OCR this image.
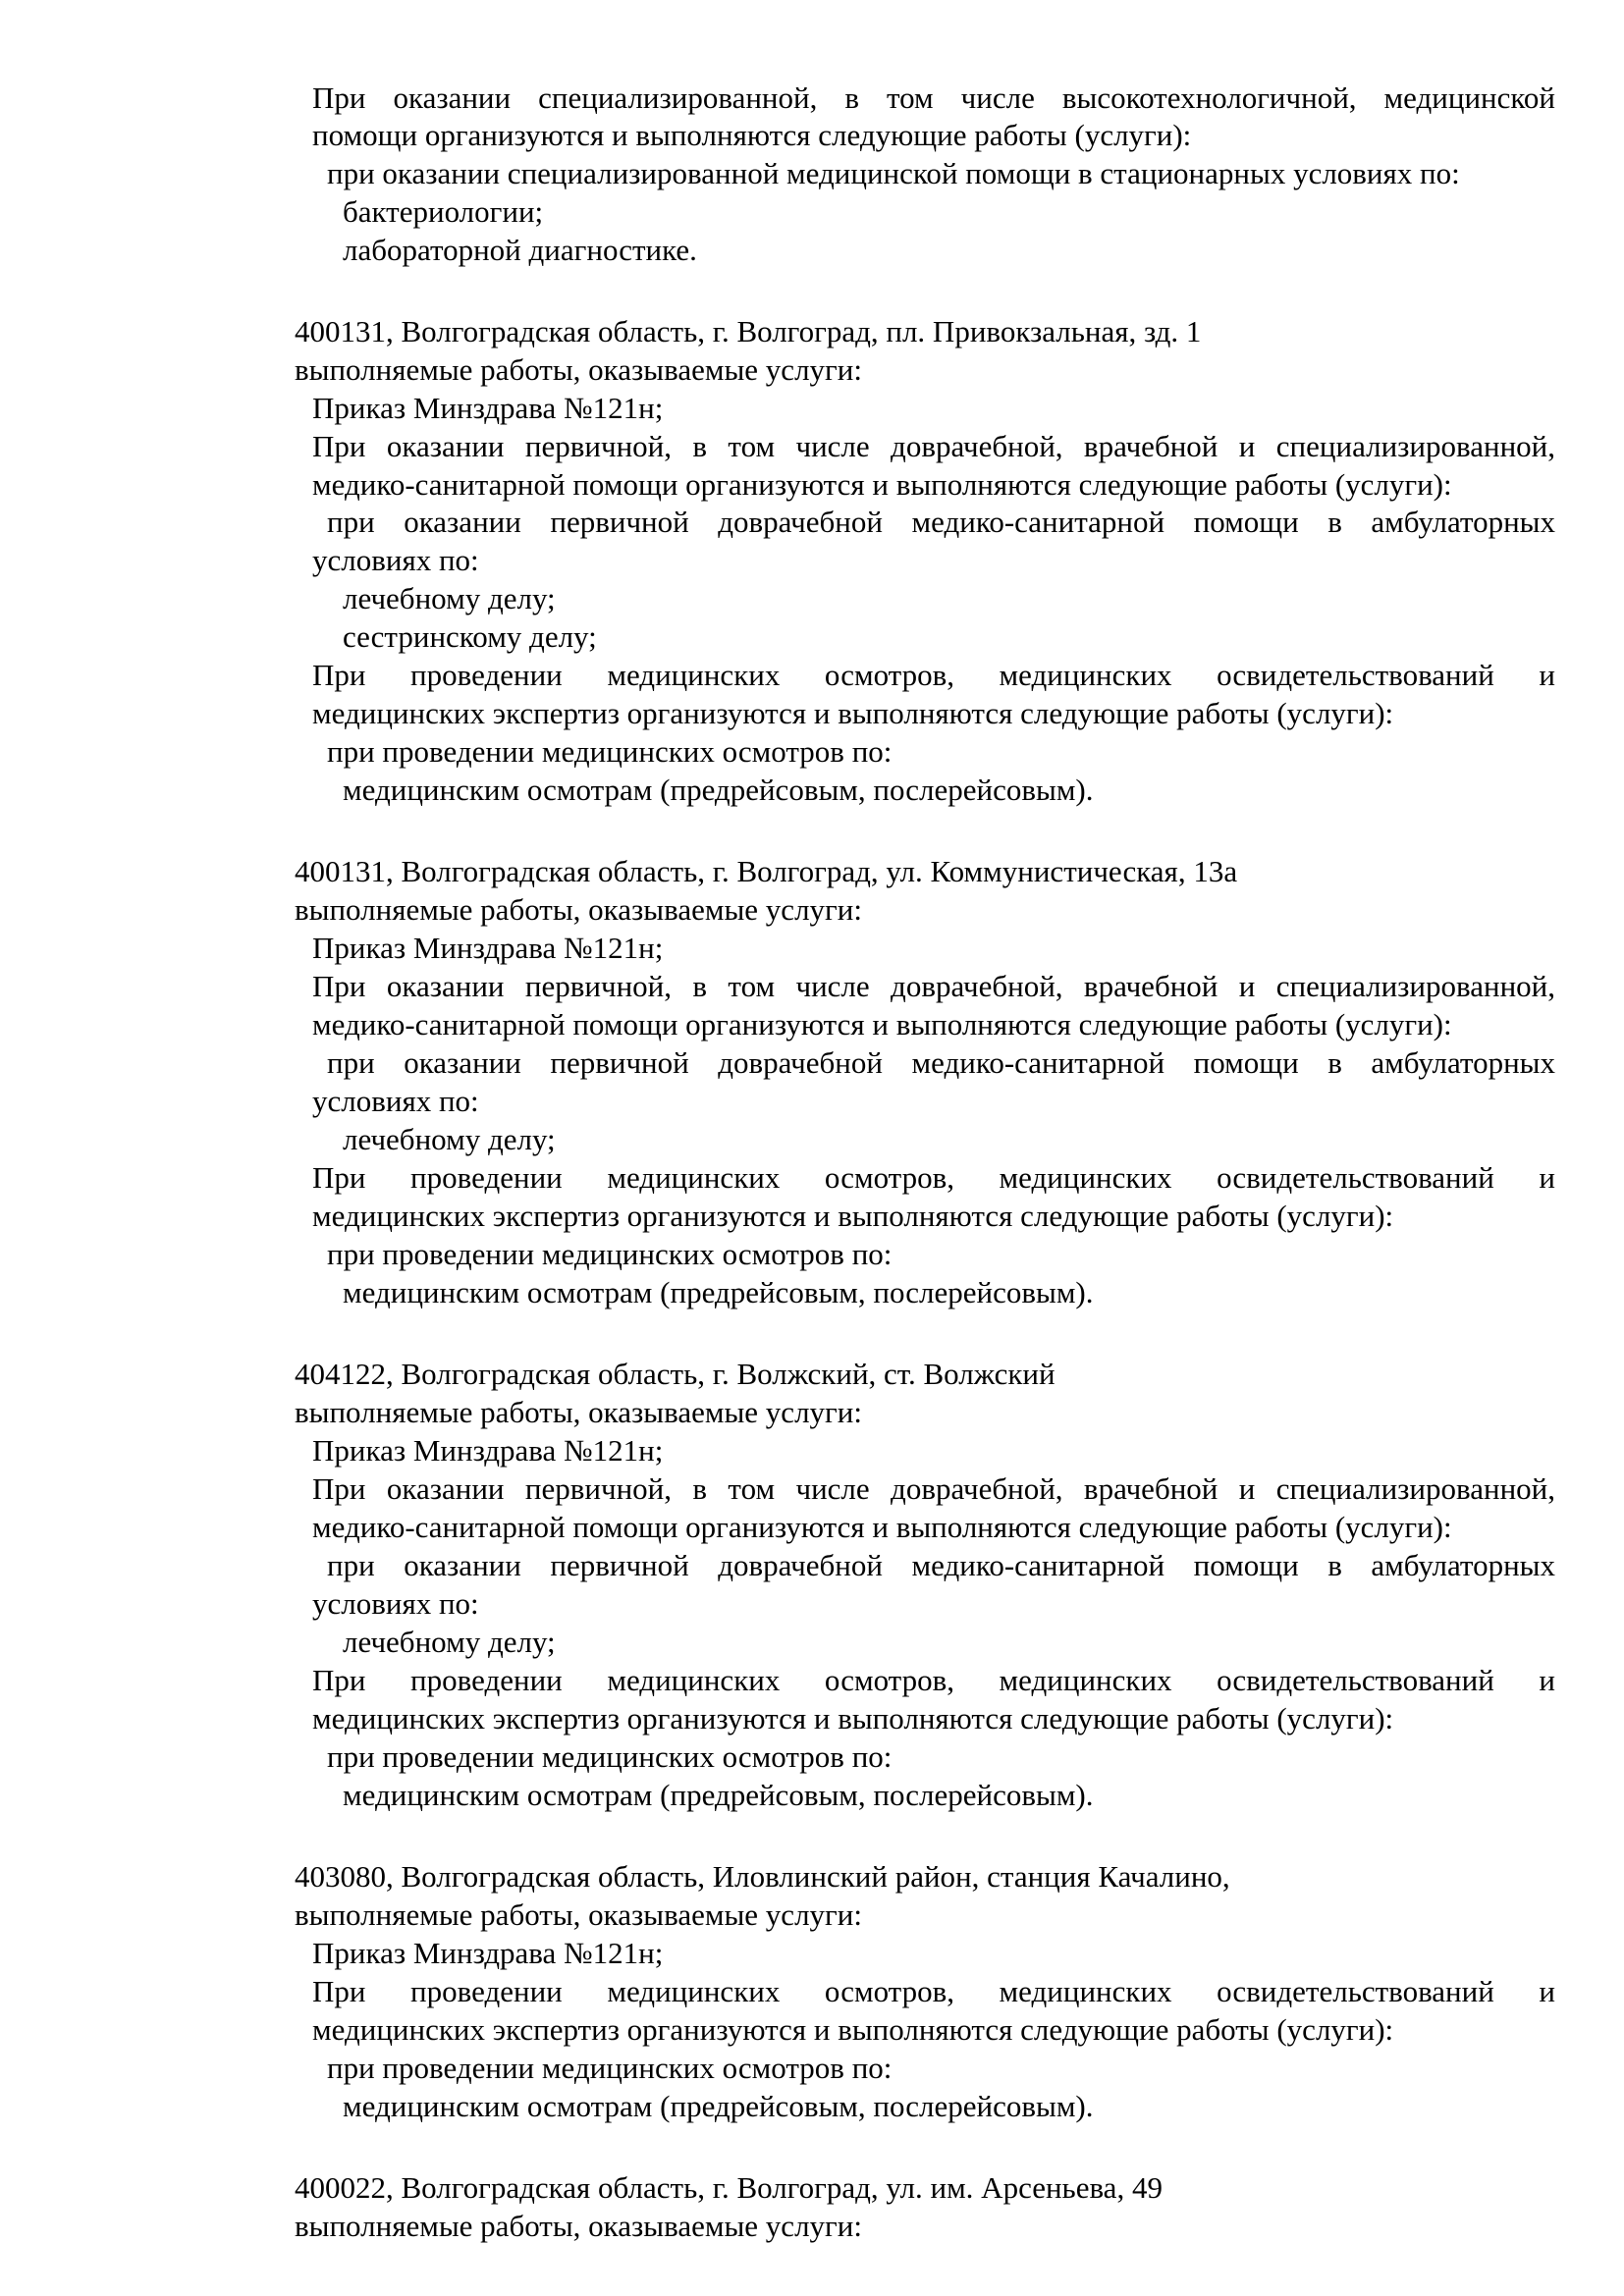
При оказании специализированной, в том числе высокотехнологичной, медицинской
помощи организуются и выполняются следующие работы (услуги):
при оказании специализированной медицинской помощи в стационарных условиях по:
бактериологии;
лабораторной диагностике.
400131, Волгоградская область, г. Волгоград, пл. Привокзальная, зд. 1
выполняемые работы, оказываемые услуги:
Приказ Минздрава №121н;
При оказании первичной, в том числе доврачебной, врачебной и специализированной,
медико-санитарной помощи организуются и выполняются следующие работы (услуги):
при оказании первичной доврачебной медико-санитарной помощи в амбулаторных
условиях по:
лечебному делу;
сестринскому делу;
При проведении медицинских осмотров, медицинских освидетельствований и
медицинских экспертиз организуются и выполняются следующие работы (услуги):
при проведении медицинских осмотров по:
медицинским осмотрам (предрейсовым, послерейсовым).
400131, Волгоградская область, г. Волгоград, ул. Коммунистическая, 13а
выполняемые работы, оказываемые услуги:
Приказ Минздрава №121н;
При оказании первичной, в том числе доврачебной, врачебной и специализированной,
медико-санитарной помощи организуются и выполняются следующие работы (услуги):
при оказании первичной доврачебной медико-санитарной помощи в амбулаторных
условиях по:
лечебному делу;
При проведении медицинских осмотров, медицинских освидетельствований и
медицинских экспертиз организуются и выполняются следующие работы (услуги):
при проведении медицинских осмотров по:
медицинским осмотрам (предрейсовым, послерейсовым).
404122, Волгоградская область, г. Волжский, ст. Волжский
выполняемые работы, оказываемые услуги:
Приказ Минздрава №121н;
При оказании первичной, в том числе доврачебной, врачебной и специализированной,
медико-санитарной помощи организуются и выполняются следующие работы (услуги):
при оказании первичной доврачебной медико-санитарной помощи в амбулаторных
условиях по:
лечебному делу;
При проведении медицинских осмотров, медицинских освидетельствований и
медицинских экспертиз организуются и выполняются следующие работы (услуги):
при проведении медицинских осмотров по:
медицинским осмотрам (предрейсовым, послерейсовым).
403080, Волгоградская область, Иловлинский район, станция Качалино,
выполняемые работы, оказываемые услуги:
Приказ Минздрава №121н;
При проведении медицинских осмотров, медицинских освидетельствований и
медицинских экспертиз организуются и выполняются следующие работы (услуги):
при проведении медицинских осмотров по:
медицинским осмотрам (предрейсовым, послерейсовым).
400022, Волгоградская область, г. Волгоград, ул. им. Арсеньева, 49
выполняемые работы, оказываемые услуги:
